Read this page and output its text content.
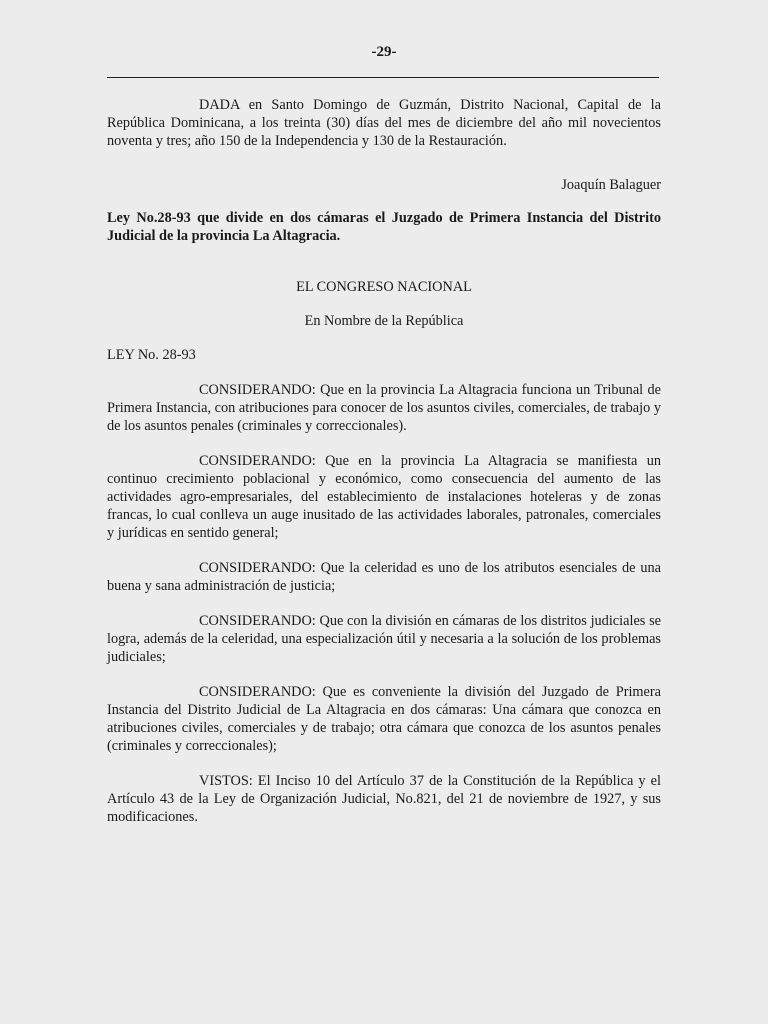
-29-

DADA en Santo Domingo de Guzmán, Distrito Nacional, Capital de la República Dominicana, a los treinta (30) días del mes de diciembre del año mil novecientos noventa y tres; año 150 de la Independencia y 130 de la Restauración.

Joaquín Balaguer

Ley No.28-93 que divide en dos cámaras el Juzgado de Primera Instancia del Distrito Judicial de la provincia La Altagracia.

EL CONGRESO NACIONAL

En Nombre de la República

LEY No. 28-93

CONSIDERANDO: Que en la provincia La Altagracia funciona un Tribunal de Primera Instancia, con atribuciones para conocer de los asuntos civiles, comerciales, de trabajo y de los asuntos penales (criminales y correccionales).

CONSIDERANDO: Que en la provincia La Altagracia se manifiesta un continuo crecimiento poblacional y económico, como consecuencia del aumento de las actividades agro-empresariales, del establecimiento de instalaciones hoteleras y de zonas francas, lo cual conlleva un auge inusitado de las actividades laborales, patronales, comerciales y jurídicas en sentido general;

CONSIDERANDO: Que la celeridad es uno de los atributos esenciales de una buena y sana administración de justicia;

CONSIDERANDO: Que con la división en cámaras de los distritos judiciales se logra, además de la celeridad, una especialización útil y necesaria a la solución de los problemas judiciales;

CONSIDERANDO: Que es conveniente la división del Juzgado de Primera Instancia del Distrito Judicial de La Altagracia en dos cámaras: Una cámara que conozca en atribuciones civiles, comerciales y de trabajo; otra cámara que conozca de los asuntos penales (criminales y correccionales);

VISTOS: El Inciso 10 del Artículo 37 de la Constitución de la República y el Artículo 43 de la Ley de Organización Judicial, No.821, del 21 de noviembre de 1927, y sus modificaciones.
